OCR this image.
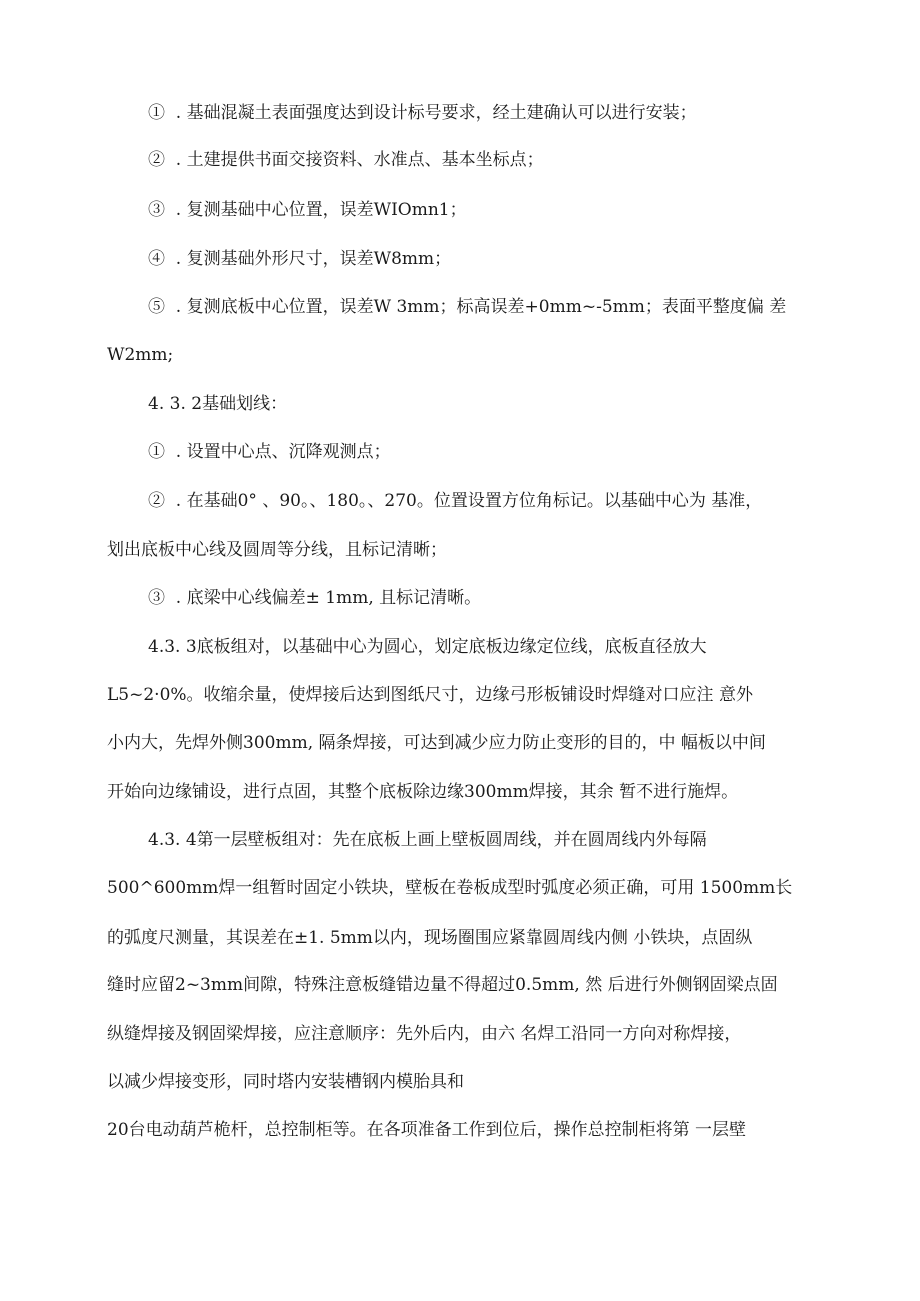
①  . 基础混凝土表面强度达到设计标号要求，经土建确认可以进行安装；
②  . 土建提供书面交接资料、水准点、基本坐标点；
③  . 复测基础中心位置，误差WIOmn1；
④  . 复测基础外形尺寸，误差W8mm；
⑤  . 复测底板中心位置，误差W 3mm；标高误差+0mm~-5mm；表面平整度偏 差
W2mm;
4. 3. 2基础划线：
①  . 设置中心点、沉降观测点；
②  . 在基础0° 、90。、180。、270。位置设置方位角标记。以基础中心为 基准，
划出底板中心线及圆周等分线，且标记清晰；
③  . 底梁中心线偏差± 1mm, 且标记清晰。
4.3. 3底板组对，以基础中心为圆心，划定底板边缘定位线，底板直径放大
L5~2·0%。收缩余量，使焊接后达到图纸尺寸，边缘弓形板铺设时焊缝对口应注 意外
小内大，先焊外侧300mm, 隔条焊接，可达到减少应力防止变形的目的，中 幅板以中间
开始向边缘铺设，进行点固，其整个底板除边缘300mm焊接，其余 暂不进行施焊。
4.3. 4第一层壁板组对：先在底板上画上壁板圆周线，并在圆周线内外每隔
500^600mm焊一组暂时固定小铁块，壁板在卷板成型时弧度必须正确，可用 1500mm长
的弧度尺测量，其误差在±1. 5mm以内，现场圈围应紧靠圆周线内侧 小铁块，点固纵
缝时应留2~3mm间隙，特殊注意板缝错边量不得超过0.5mm, 然 后进行外侧钢固梁点固
纵缝焊接及钢固梁焊接，应注意顺序：先外后内，由六 名焊工沿同一方向对称焊接，
以减少焊接变形，同时塔内安装槽钢内模胎具和
20台电动葫芦桅杆，总控制柜等。在各项准备工作到位后，操作总控制柜将第 一层壁
